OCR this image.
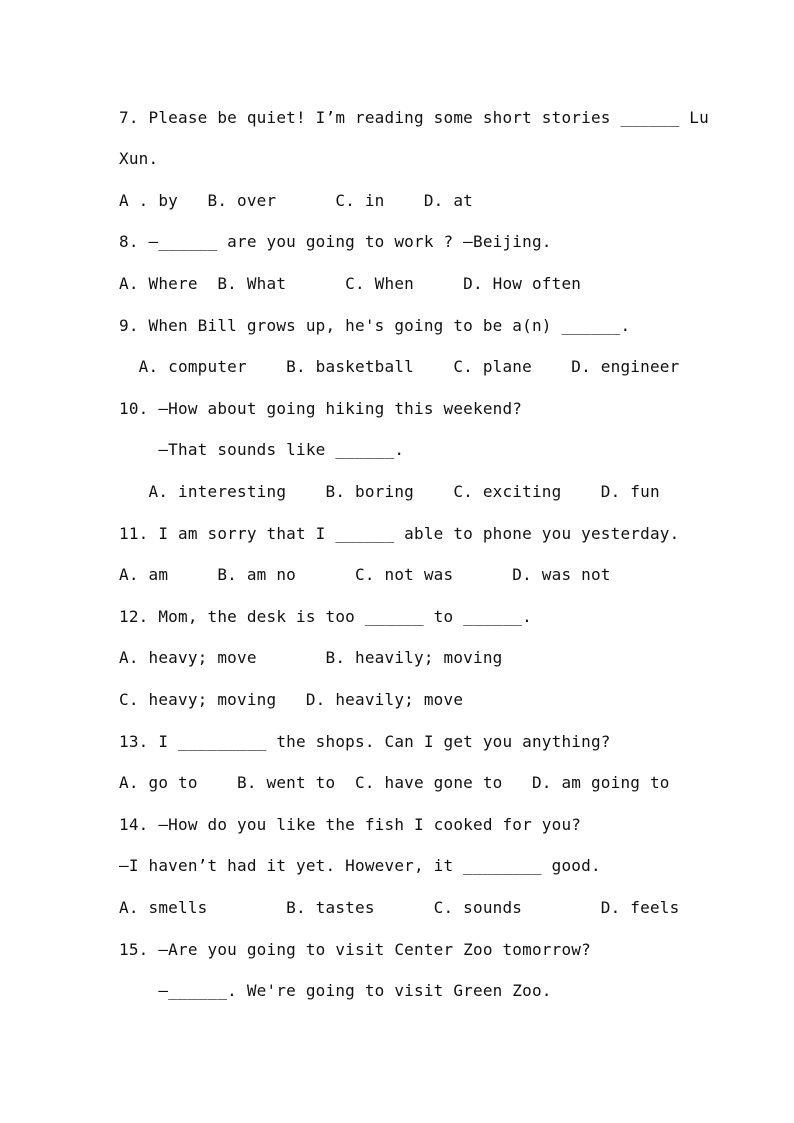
7. Please be quiet! I’m reading some short stories ______ Lu
Xun.
A . by   B. over      C. in    D. at
8. —______ are you going to work ? —Beijing.
A. Where  B. What      C. When     D. How often
9. When Bill grows up, he's going to be a(n) ______.
A. computer    B. basketball    C. plane    D. engineer
10. —How about going hiking this weekend?
—That sounds like ______.
A. interesting    B. boring    C. exciting    D. fun
11. I am sorry that I ______ able to phone you yesterday.
A. am     B. am no      C. not was      D. was not
12. Mom, the desk is too ______ to ______.
A. heavy; move       B. heavily; moving
C. heavy; moving   D. heavily; move
13. I _________ the shops. Can I get you anything?
A. go to    B. went to  C. have gone to   D. am going to
14. —How do you like the fish I cooked for you?
—I haven’t had it yet. However, it ________ good.
A. smells        B. tastes      C. sounds        D. feels
15. —Are you going to visit Center Zoo tomorrow?
—______. We're going to visit Green Zoo.
